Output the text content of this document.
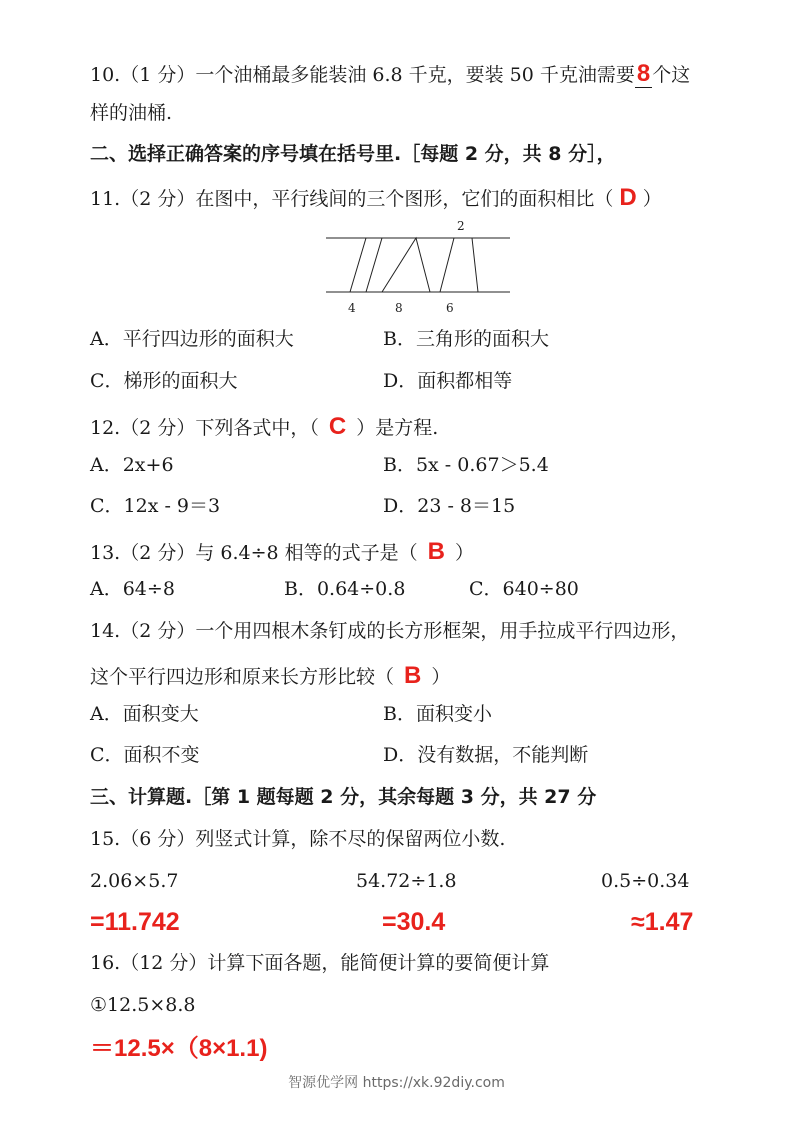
10.（1 分）一个油桶最多能装油 6.8 千克，要装 50 千克油需要8 个这
样的油桶.
二、选择正确答案的序号填在括号里.［每题 2 分，共 8 分］，
11.（2 分）在图中，平行线间的三个图形，它们的面积相比（ D ）
2
4	8	6
A．平行四边形的面积大	B．三角形的面积大
C．梯形的面积大	D．面积都相等
12.（2 分）下列各式中，（ C ）是方程.
A．2x+6	B．5x - 0.67＞5.4
C．12x - 9＝3	D．23 - 8＝15
13.（2 分）与 6.4÷8 相等的式子是（ B ）
A．64÷8	B．0.64÷0.8	C．640÷80
14.（2 分）一个用四根木条钉成的长方形框架，用手拉成平行四边形，
这个平行四边形和原来长方形比较（ B ）
A．面积变大	B．面积变小
C．面积不变	D．没有数据，不能判断
三、计算题.［第 1 题每题 2 分，其余每题 3 分，共 27 分
15.（6 分）列竖式计算，除不尽的保留两位小数.
2.06×5.7	54.72÷1.8	0.5÷0.34
=11.742	=30.4	≈1.47
16.（12 分）计算下面各题，能简便计算的要简便计算
①12.5×8.8
＝12.5×（8×1.1)
智源优学网 https://xk.92diy.com
